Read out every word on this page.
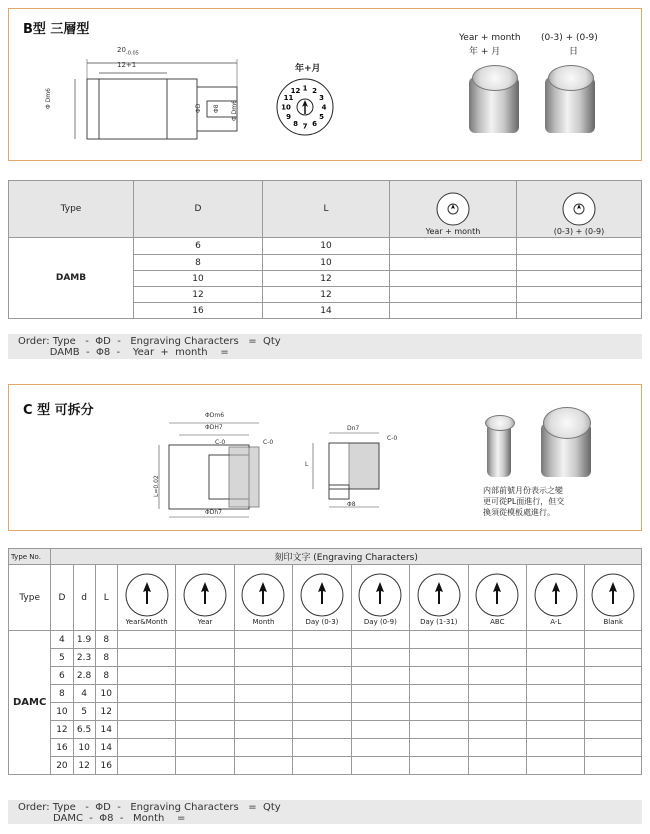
B型 三層型
$20_{-0.05}$
12+1
Φ Dm6	ΦD Φ8 Φ Dm6
年+月
1 2
3
4
5
6
7
8
9
10
11
12
Year + month
年 + 月
(0-3) + (0-9)
日
Type	D	L	Year + month	(0-3) + (0-9)
DAMB	6	10		
	8	10		
	10	12		
	12	12		
	16	14		
Order: Type   -  ΦD  -   Engraving Characters   =  Qty
DAMB  -  Φ8  -    Year  +  month    =
C 型 可拆分	ΦDm6
ΦDH7
C-0	C-0
L=0.02
ΦDh7
Dn7
C-0
L
Φ8
内部前號月份表示之變
更可從PL面進行，但交
換須從模板處進行。
Type No.	刻印文字 (Engraving Characters)											
Type	D	d	L	Year&Month	Year	Month	Day (0-3)	Day (0-9)	Day (1-31)	ABC	A-L	Blank

DAMC	4	1.9	8									
	5	2.3	8									
	6	2.8	8									
	8	4	10									
	10	5	12									
	12	6.5	14									
	16	10	14									
	20	12	16									
Order: Type   -  ΦD  -   Engraving Characters   =  Qty
DAMC  -  Φ8  -   Month    =
